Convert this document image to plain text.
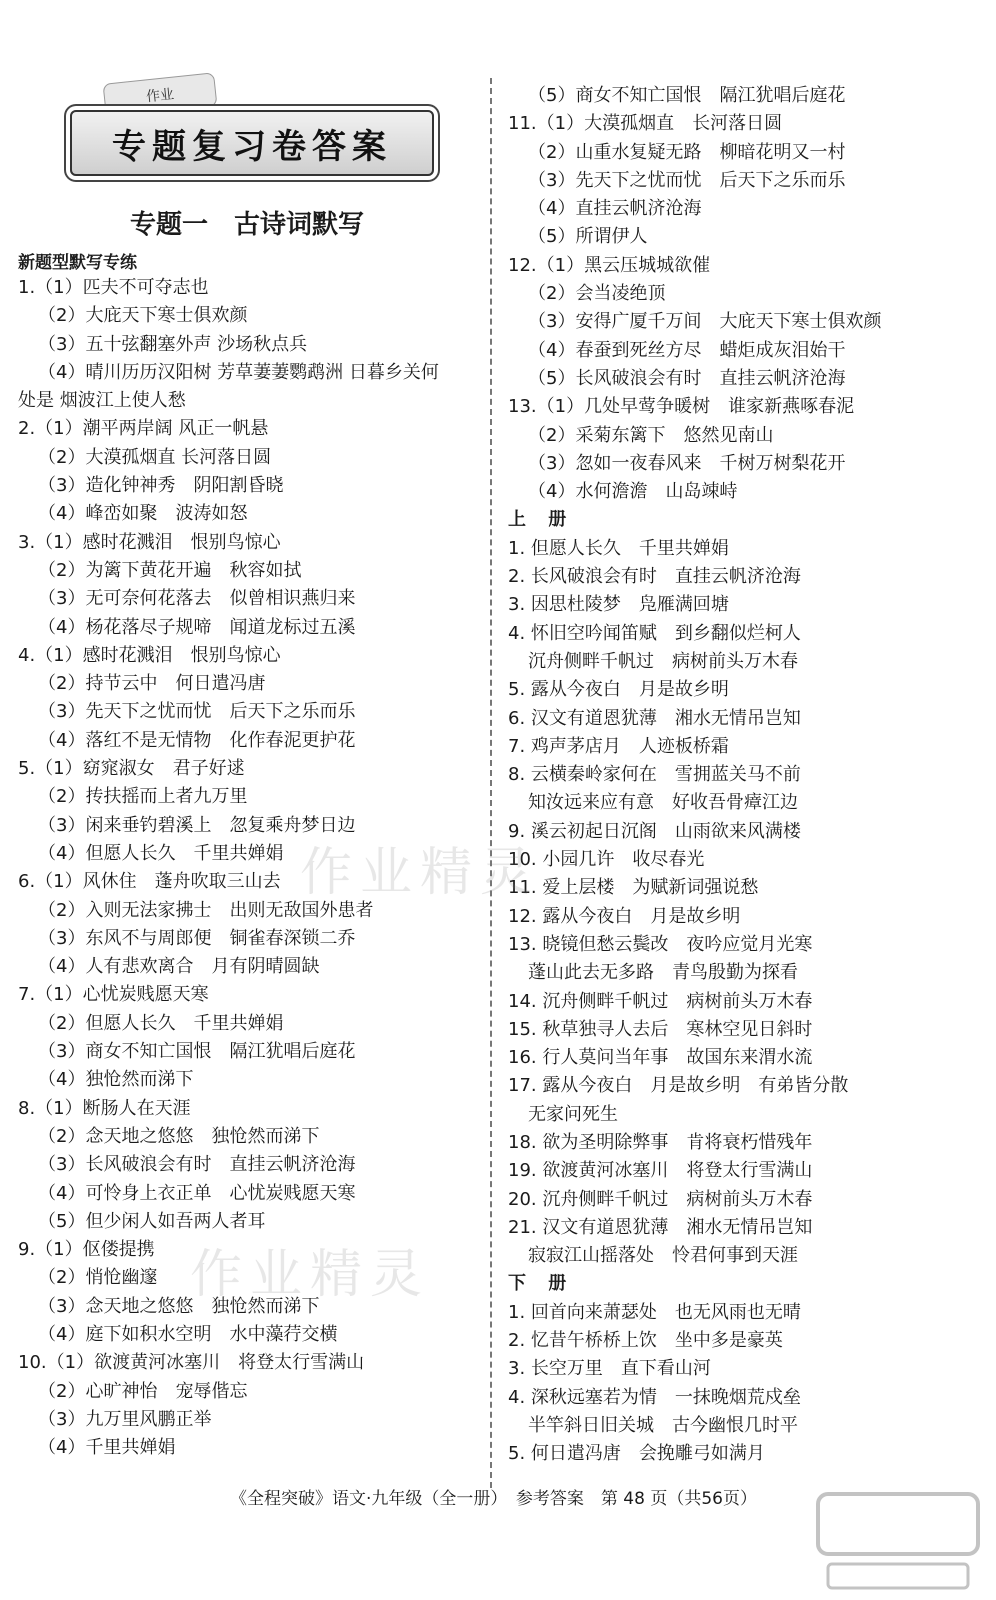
作业
专题复习卷答案
专题一　古诗词默写
新题型默写专练
1.（1）匹夫不可夺志也
（2）大庇天下寒士俱欢颜
（3）五十弦翻塞外声 沙场秋点兵
（4）晴川历历汉阳树 芳草萋萋鹦鹉洲 日暮乡关何
处是 烟波江上使人愁
2.（1）潮平两岸阔 风正一帆悬
（2）大漠孤烟直 长河落日圆
（3）造化钟神秀　阴阳割昏晓
（4）峰峦如聚　波涛如怒
3.（1）感时花溅泪　恨别鸟惊心
（2）为篱下黄花开遍　秋容如拭
（3）无可奈何花落去　似曾相识燕归来
（4）杨花落尽子规啼　闻道龙标过五溪
4.（1）感时花溅泪　恨别鸟惊心
（2）持节云中　何日遣冯唐
（3）先天下之忧而忧　后天下之乐而乐
（4）落红不是无情物　化作春泥更护花
5.（1）窈窕淑女　君子好逑
（2）抟扶摇而上者九万里
（3）闲来垂钓碧溪上　忽复乘舟梦日边
（4）但愿人长久　千里共婵娟
6.（1）风休住　蓬舟吹取三山去
（2）入则无法家拂士　出则无敌国外患者
（3）东风不与周郎便　铜雀春深锁二乔
（4）人有悲欢离合　月有阴晴圆缺
7.（1）心忧炭贱愿天寒
（2）但愿人长久　千里共婵娟
（3）商女不知亡国恨　隔江犹唱后庭花
（4）独怆然而涕下
8.（1）断肠人在天涯
（2）念天地之悠悠　独怆然而涕下
（3）长风破浪会有时　直挂云帆济沧海
（4）可怜身上衣正单　心忧炭贱愿天寒
（5）但少闲人如吾两人者耳
9.（1）伛偻提携
（2）悄怆幽邃
（3）念天地之悠悠　独怆然而涕下
（4）庭下如积水空明　水中藻荇交横
10.（1）欲渡黄河冰塞川　将登太行雪满山
（2）心旷神怡　宠辱偕忘
（3）九万里风鹏正举
（4）千里共婵娟
（5）商女不知亡国恨　隔江犹唱后庭花
11.（1）大漠孤烟直　长河落日圆
（2）山重水复疑无路　柳暗花明又一村
（3）先天下之忧而忧　后天下之乐而乐
（4）直挂云帆济沧海
（5）所谓伊人
12.（1）黑云压城城欲催
（2）会当凌绝顶
（3）安得广厦千万间　大庇天下寒士俱欢颜
（4）春蚕到死丝方尽　蜡炬成灰泪始干
（5）长风破浪会有时　直挂云帆济沧海
13.（1）几处早莺争暖树　谁家新燕啄春泥
（2）采菊东篱下　悠然见南山
（3）忽如一夜春风来　千树万树梨花开
（4）水何澹澹　山岛竦峙
上 册
1. 但愿人长久　千里共婵娟
2. 长风破浪会有时　直挂云帆济沧海
3. 因思杜陵梦　凫雁满回塘
4. 怀旧空吟闻笛赋　到乡翻似烂柯人
沉舟侧畔千帆过　病树前头万木春
5. 露从今夜白　月是故乡明
6. 汉文有道恩犹薄　湘水无情吊岂知
7. 鸡声茅店月　人迹板桥霜
8. 云横秦岭家何在　雪拥蓝关马不前
知汝远来应有意　好收吾骨瘴江边
9. 溪云初起日沉阁　山雨欲来风满楼
10. 小园几许　收尽春光
11. 爱上层楼　为赋新词强说愁
12. 露从今夜白　月是故乡明
13. 晓镜但愁云鬓改　夜吟应觉月光寒
蓬山此去无多路　青鸟殷勤为探看
14. 沉舟侧畔千帆过　病树前头万木春
15. 秋草独寻人去后　寒林空见日斜时
16. 行人莫问当年事　故国东来渭水流
17. 露从今夜白　月是故乡明　有弟皆分散
无家问死生
18. 欲为圣明除弊事　肯将衰朽惜残年
19. 欲渡黄河冰塞川　将登太行雪满山
20. 沉舟侧畔千帆过　病树前头万木春
21. 汉文有道恩犹薄　湘水无情吊岂知
寂寂江山摇落处　怜君何事到天涯
下 册
1. 回首向来萧瑟处　也无风雨也无晴
2. 忆昔午桥桥上饮　坐中多是豪英
3. 长空万里　直下看山河
4. 深秋远塞若为情　一抹晚烟荒戍垒
半竿斜日旧关城　古今幽恨几时平
5. 何日遣冯唐　会挽雕弓如满月
作业精灵
作业精灵
《全程突破》语文·九年级（全一册）　参考答案　第 48 页（共56页）
